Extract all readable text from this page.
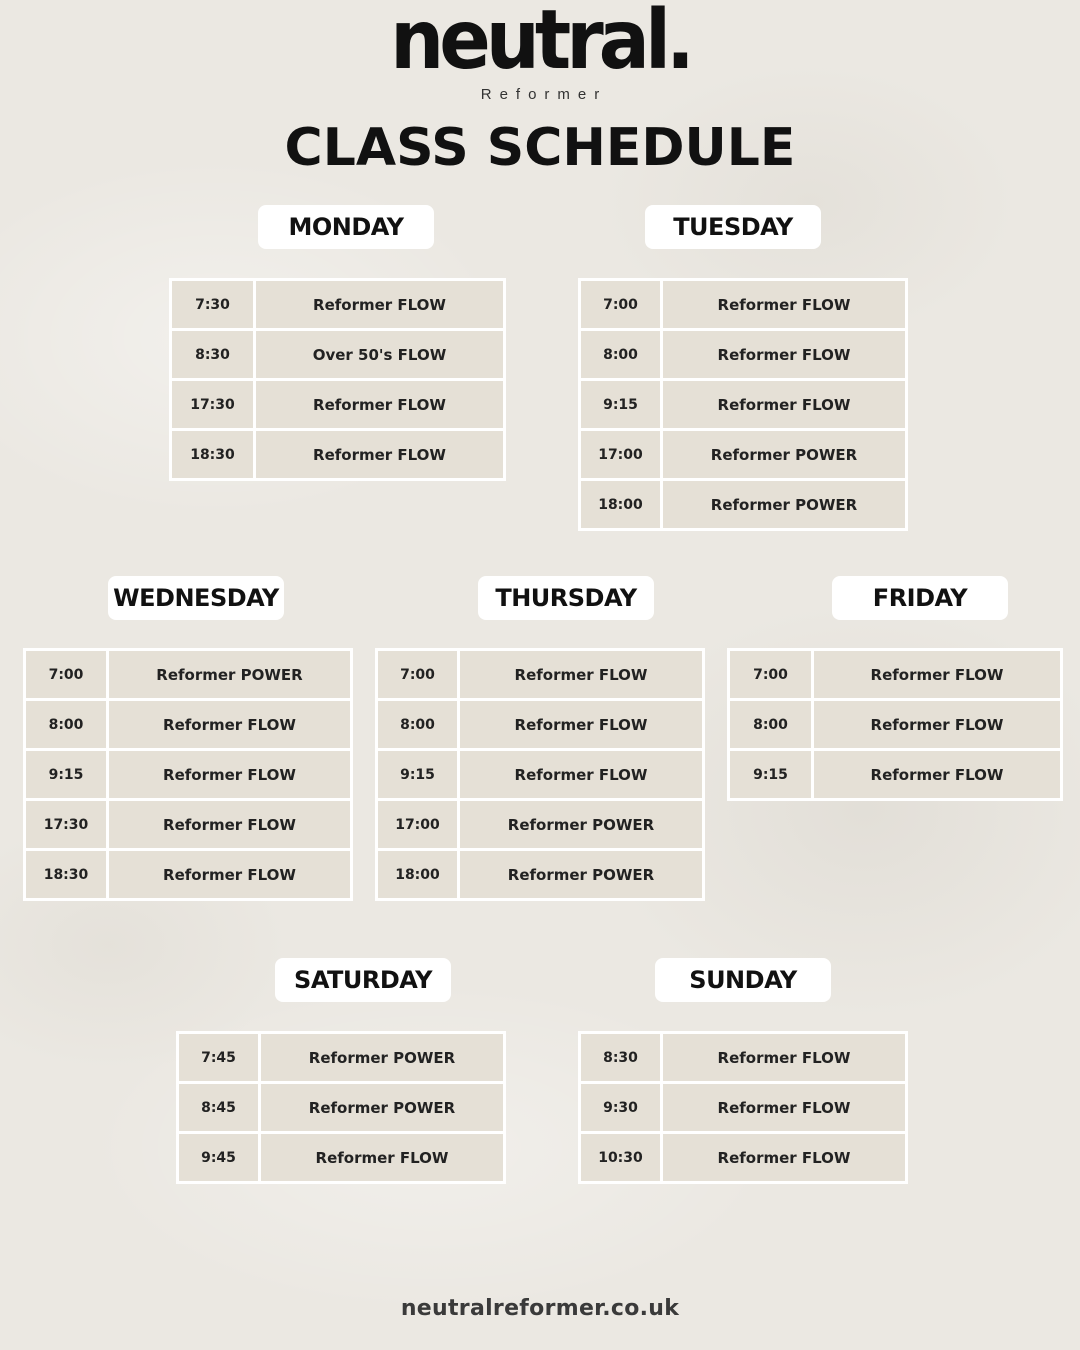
neutral.
Reformer
CLASS SCHEDULE
MONDAY
7:30	Reformer FLOW
8:30	Over 50's FLOW
17:30	Reformer FLOW
18:30	Reformer FLOW
TUESDAY
7:00	Reformer FLOW
8:00	Reformer FLOW
9:15	Reformer FLOW
17:00	Reformer POWER
18:00	Reformer POWER
WEDNESDAY
7:00	Reformer POWER
8:00	Reformer FLOW
9:15	Reformer FLOW
17:30	Reformer FLOW
18:30	Reformer FLOW
THURSDAY
7:00	Reformer FLOW
8:00	Reformer FLOW
9:15	Reformer FLOW
17:00	Reformer POWER
18:00	Reformer POWER
FRIDAY
7:00	Reformer FLOW
8:00	Reformer FLOW
9:15	Reformer FLOW
SATURDAY
7:45	Reformer POWER
8:45	Reformer POWER
9:45	Reformer FLOW
SUNDAY
8:30	Reformer FLOW
9:30	Reformer FLOW
10:30	Reformer FLOW
neutralreformer.co.uk
